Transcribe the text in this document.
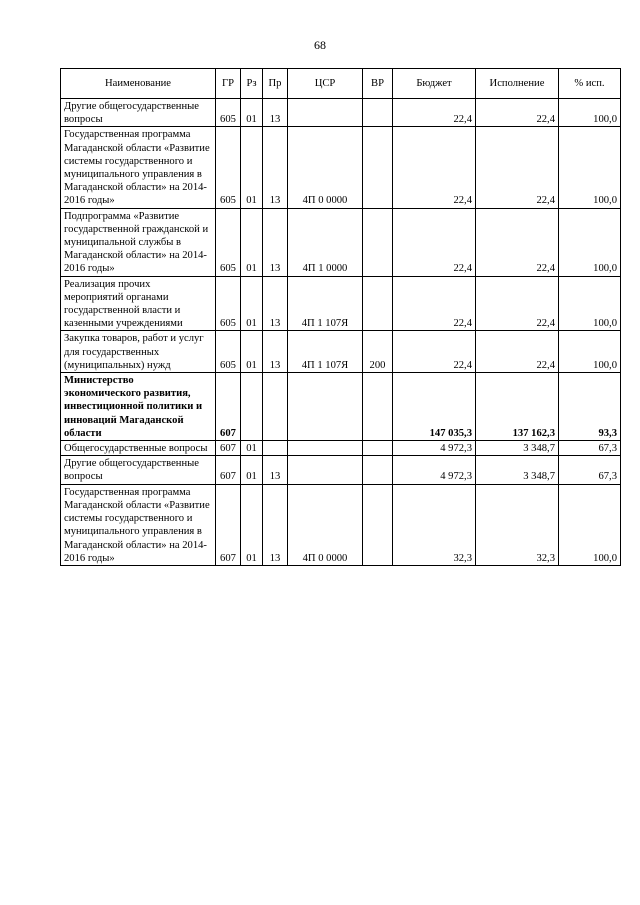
68
Наименование	ГР	Рз	Пр	ЦСР	ВР	Бюджет	Исполнение	% исп.
Другие общегосударственные вопросы	605	01	13			22,4	22,4	100,0
Государственная программа Магаданской области «Развитие системы государственного и муниципального управления в Магаданской области» на 2014-2016 годы»	605	01	13	4П 0 0000		22,4	22,4	100,0
Подпрограмма «Развитие государственной гражданской и муниципальной службы в Магаданской области» на 2014-2016 годы»	605	01	13	4П 1 0000		22,4	22,4	100,0
Реализация прочих мероприятий органами государственной власти и казенными учреждениями	605	01	13	4П 1 107Я		22,4	22,4	100,0
Закупка товаров, работ и услуг для государственных (муниципальных) нужд	605	01	13	4П 1 107Я	200	22,4	22,4	100,0
Министерство экономического развития, инвестиционной политики и инноваций Магаданской области	607					147 035,3	137 162,3	93,3
Общегосударственные вопросы	607	01				4 972,3	3 348,7	67,3
Другие общегосударственные вопросы	607	01	13			4 972,3	3 348,7	67,3
Государственная программа Магаданской области «Развитие системы государственного и муниципального управления в Магаданской области» на 2014-2016 годы»	607	01	13	4П 0 0000		32,3	32,3	100,0
